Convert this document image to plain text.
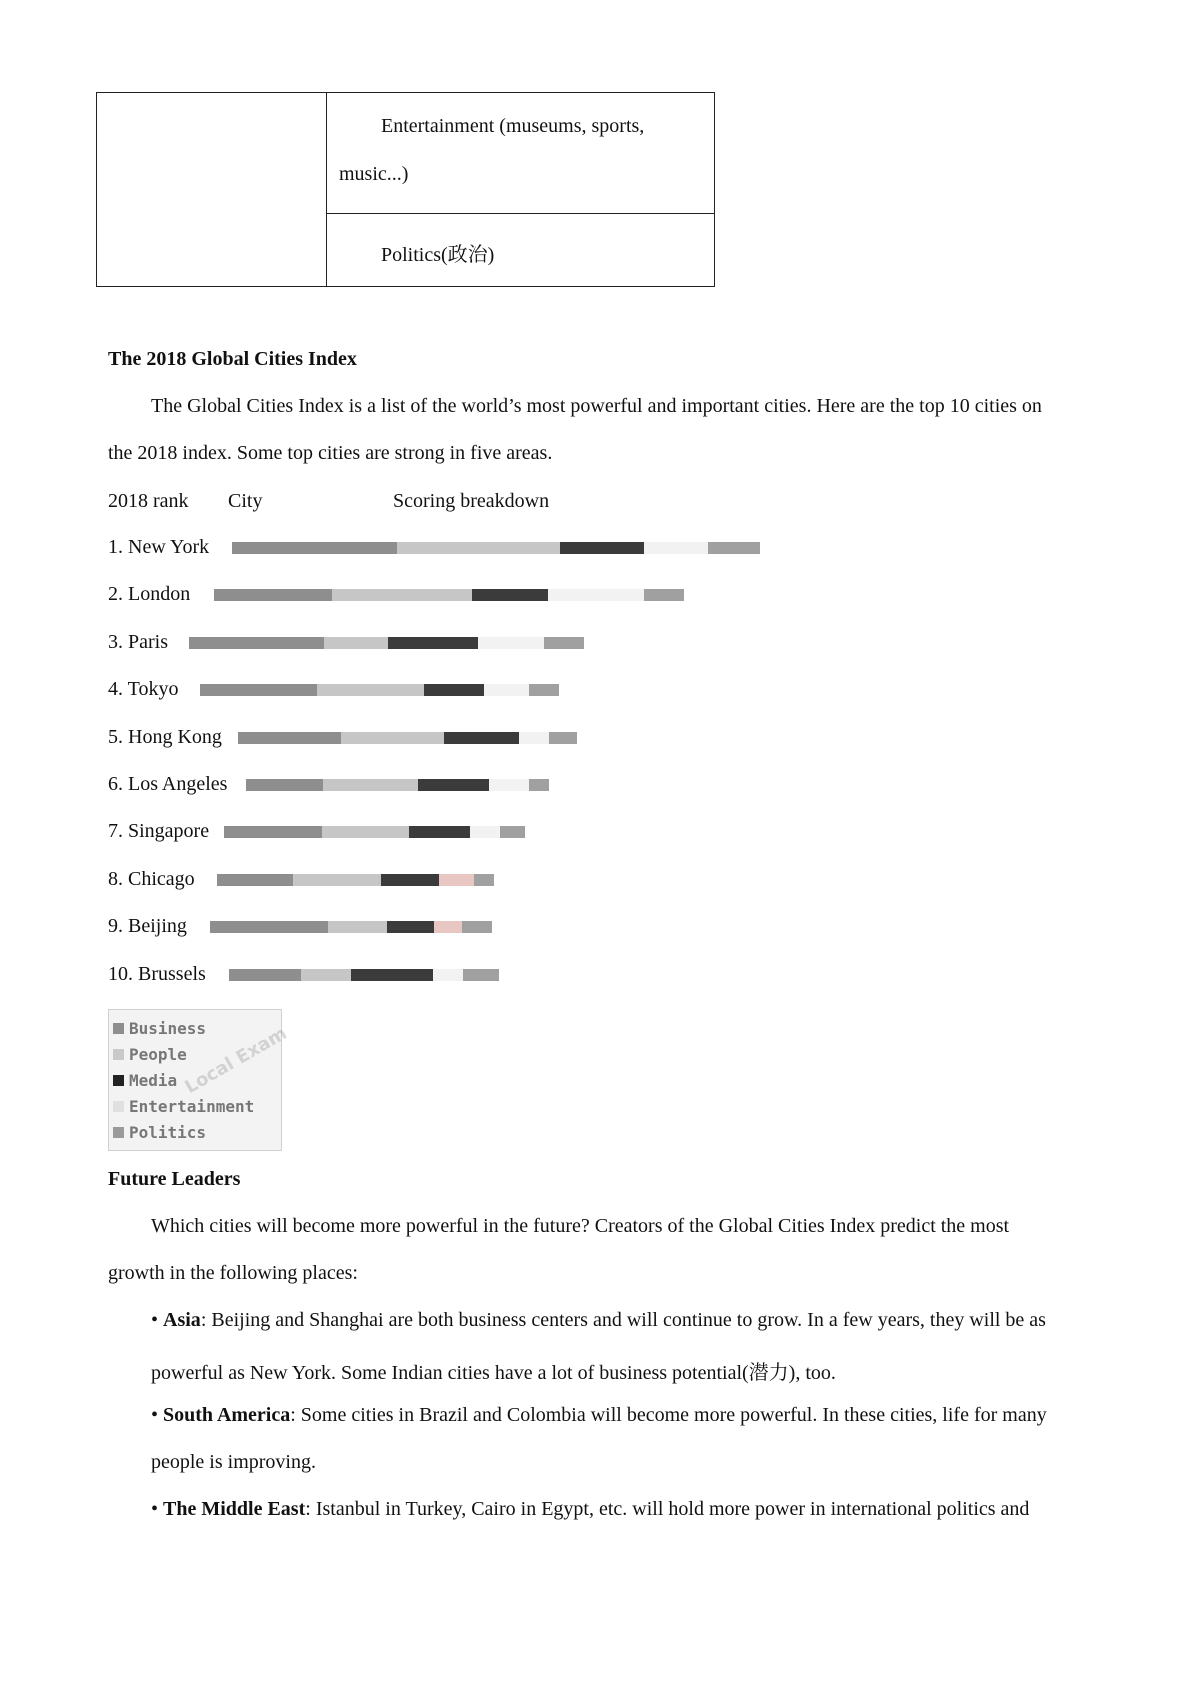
Entertainment (museums, sports,
music...)
Politics(政治)
The 2018 Global Cities Index
The Global Cities Index is a list of the world’s most powerful and important cities. Here are the top 10 cities on
the 2018 index. Some top cities are strong in five areas.
2018 rank City	Scoring breakdown
1. New York
2. London
3. Paris
4. Tokyo
5. Hong Kong
6. Los Angeles
7. Singapore
8. Chicago
9. Beijing
10. Brussels
Business
People
Media
Entertainment
Politics
Local Exam
Future Leaders
Which cities will become more powerful in the future? Creators of the Global Cities Index predict the most
growth in the following places:
• Asia: Beijing and Shanghai are both business centers and will continue to grow. In a few years, they will be as
powerful as New York. Some Indian cities have a lot of business potential(潜力), too.
• South America: Some cities in Brazil and Colombia will become more powerful. In these cities, life for many
people is improving.
• The Middle East: Istanbul in Turkey, Cairo in Egypt, etc. will hold more power in international politics and
